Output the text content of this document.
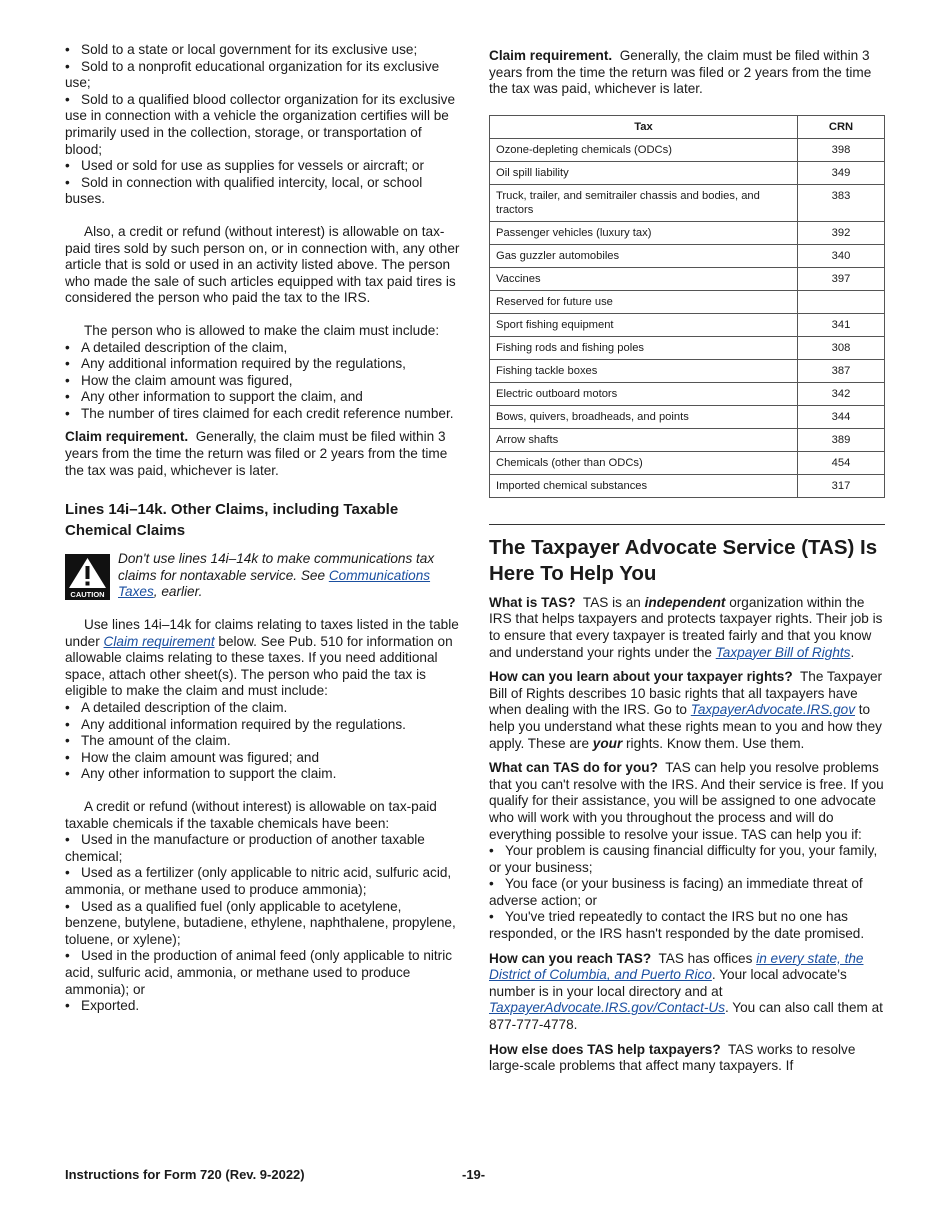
• Sold to a state or local government for its exclusive use;

• Sold to a nonprofit educational organization for its exclusive use;

• Sold to a qualified blood collector organization for its exclusive use in connection with a vehicle the organization certifies will be primarily used in the collection, storage, or transportation of blood;

• Used or sold for use as supplies for vessels or aircraft; or

• Sold in connection with qualified intercity, local, or school buses.

Also, a credit or refund (without interest) is allowable on tax-paid tires sold by such person on, or in connection with, any other article that is sold or used in an activity listed above. The person who made the sale of such articles equipped with tax paid tires is considered the person who paid the tax to the IRS.

The person who is allowed to make the claim must include:

• A detailed description of the claim,

• Any additional information required by the regulations,

• How the claim amount was figured,

• Any other information to support the claim, and

• The number of tires claimed for each credit reference number.

Claim requirement. Generally, the claim must be filed within 3 years from the time the return was filed or 2 years from the time the tax was paid, whichever is later.

Lines 14i–14k. Other Claims, including Taxable Chemical Claims
CAUTION

Don't use lines 14i–14k to make communications tax claims for nontaxable service. See Communications Taxes, earlier.

Use lines 14i–14k for claims relating to taxes listed in the table under Claim requirement below. See Pub. 510 for information on allowable claims relating to these taxes. If you need additional space, attach other sheet(s). The person who paid the tax is eligible to make the claim and must include:

• A detailed description of the claim.

• Any additional information required by the regulations.

• The amount of the claim.

• How the claim amount was figured; and

• Any other information to support the claim.

A credit or refund (without interest) is allowable on tax-paid taxable chemicals if the taxable chemicals have been:

• Used in the manufacture or production of another taxable chemical;

• Used as a fertilizer (only applicable to nitric acid, sulfuric acid, ammonia, or methane used to produce ammonia);

• Used as a qualified fuel (only applicable to acetylene, benzene, butylene, butadiene, ethylene, naphthalene, propylene, toluene, or xylene);

• Used in the production of animal feed (only applicable to nitric acid, sulfuric acid, ammonia, or methane used to produce ammonia); or

• Exported.

Claim requirement. Generally, the claim must be filed within 3 years from the time the return was filed or 2 years from the time the tax was paid, whichever is later.

Tax	CRN
Ozone-depleting chemicals (ODCs)	398
Oil spill liability	349
Truck, trailer, and semitrailer chassis and bodies, and tractors	383
Passenger vehicles (luxury tax)	392
Gas guzzler automobiles	340
Vaccines	397
Reserved for future use	
Sport fishing equipment	341
Fishing rods and fishing poles	308
Fishing tackle boxes	387
Electric outboard motors	342
Bows, quivers, broadheads, and points	344
Arrow shafts	389
Chemicals (other than ODCs)	454
Imported chemical substances	317
The Taxpayer Advocate Service (TAS) Is Here To Help You

What is TAS? TAS is an independent organization within the IRS that helps taxpayers and protects taxpayer rights. Their job is to ensure that every taxpayer is treated fairly and that you know and understand your rights under the Taxpayer Bill of Rights.

How can you learn about your taxpayer rights? The Taxpayer Bill of Rights describes 10 basic rights that all taxpayers have when dealing with the IRS. Go to TaxpayerAdvocate.IRS.gov to help you understand what these rights mean to you and how they apply. These are your rights. Know them. Use them.

What can TAS do for you? TAS can help you resolve problems that you can't resolve with the IRS. And their service is free. If you qualify for their assistance, you will be assigned to one advocate who will work with you throughout the process and will do everything possible to resolve your issue. TAS can help you if:

• Your problem is causing financial difficulty for you, your family, or your business;

• You face (or your business is facing) an immediate threat of adverse action; or

• You've tried repeatedly to contact the IRS but no one has responded, or the IRS hasn't responded by the date promised.

How can you reach TAS? TAS has offices in every state, the District of Columbia, and Puerto Rico. Your local advocate's number is in your local directory and at TaxpayerAdvocate.IRS.gov/Contact-Us. You can also call them at 877-777-4778.

How else does TAS help taxpayers? TAS works to resolve large-scale problems that affect many taxpayers. If

Instructions for Form 720 (Rev. 9-2022)	-19-
